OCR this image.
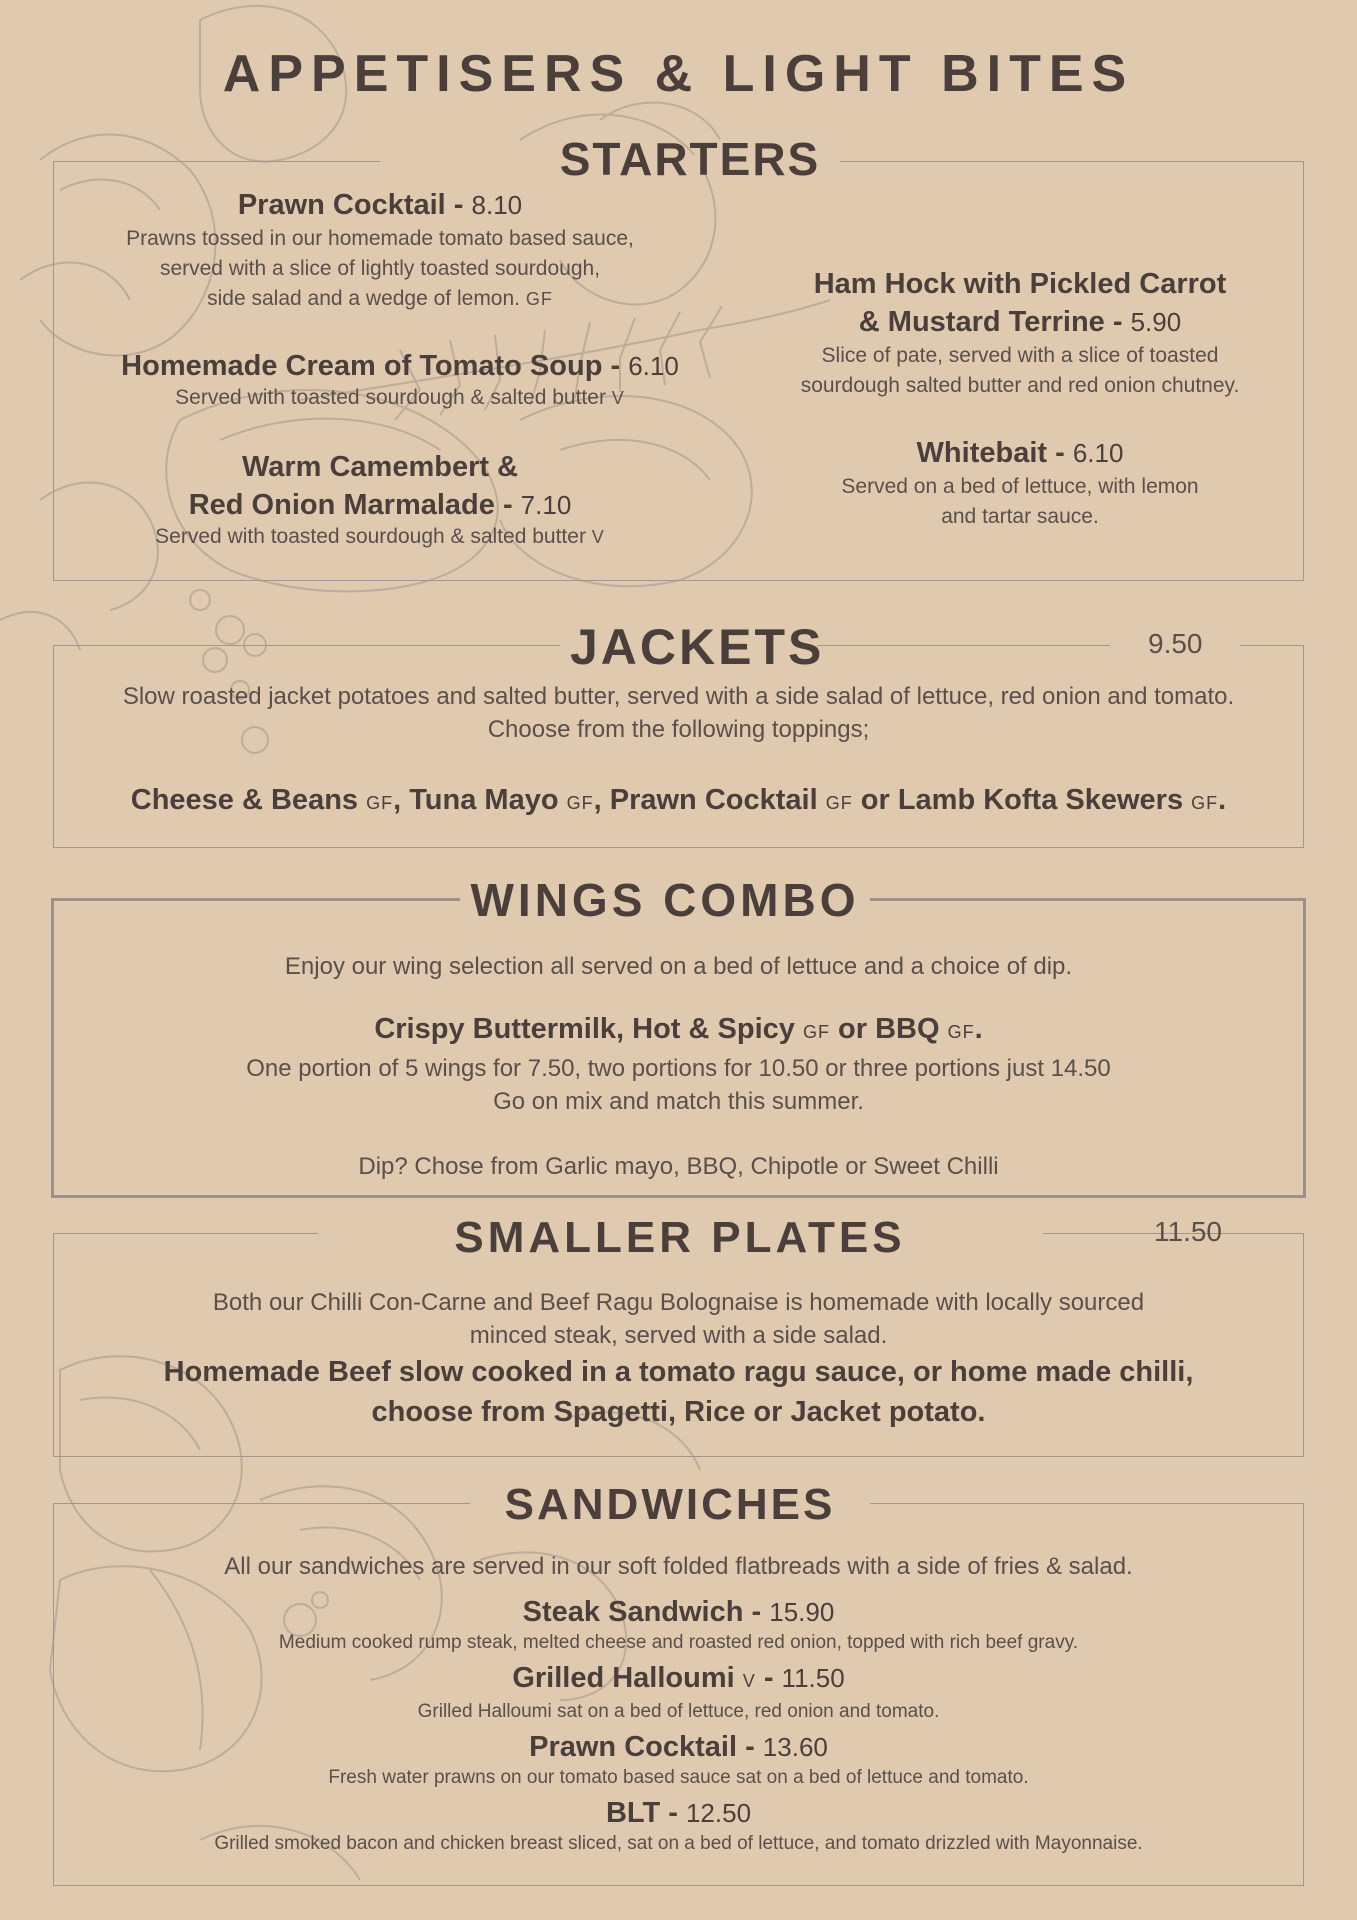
APPETISERS & LIGHT BITES
STARTERS
Prawn Cocktail - 8.10
Prawns tossed in our homemade tomato based sauce,
served with a slice of lightly toasted sourdough,
side salad and a wedge of lemon. GF
Homemade Cream of Tomato Soup - 6.10
Served with toasted sourdough & salted butter V
Warm Camembert &
Red Onion Marmalade - 7.10
Served with toasted sourdough & salted butter V
Ham Hock with Pickled Carrot
& Mustard Terrine - 5.90
Slice of pate, served with a slice of toasted
sourdough salted butter and red onion chutney.
Whitebait - 6.10
Served on a bed of lettuce, with lemon
and tartar sauce.
JACKETS	9.50
Slow roasted jacket potatoes and salted butter, served with a side salad of lettuce, red onion and tomato.
Choose from the following toppings;
Cheese & Beans GF, Tuna Mayo GF, Prawn Cocktail GF or Lamb Kofta Skewers GF.
WINGS COMBO
Enjoy our wing selection all served on a bed of lettuce and a choice of dip.
Crispy Buttermilk, Hot & Spicy GF or BBQ GF.
One portion of 5 wings for 7.50, two portions for 10.50 or three portions just 14.50
Go on mix and match this summer.
Dip? Chose from Garlic mayo, BBQ, Chipotle or Sweet Chilli
SMALLER PLATES	11.50
Both our Chilli Con-Carne and Beef Ragu Bolognaise is homemade with locally sourced
minced steak, served with a side salad.
Homemade Beef slow cooked in a tomato ragu sauce, or home made chilli,
choose from Spagetti, Rice or Jacket potato.
SANDWICHES
All our sandwiches are served in our soft folded flatbreads with a side of fries & salad.
Steak Sandwich - 15.90
Medium cooked rump steak, melted cheese and roasted red onion, topped with rich beef gravy.
Grilled Halloumi V - 11.50
Grilled Halloumi sat on a bed of lettuce, red onion and tomato.
Prawn Cocktail - 13.60
Fresh water prawns on our tomato based sauce sat on a bed of lettuce and tomato.
BLT - 12.50
Grilled smoked bacon and chicken breast sliced, sat on a bed of lettuce, and tomato drizzled with Mayonnaise.
